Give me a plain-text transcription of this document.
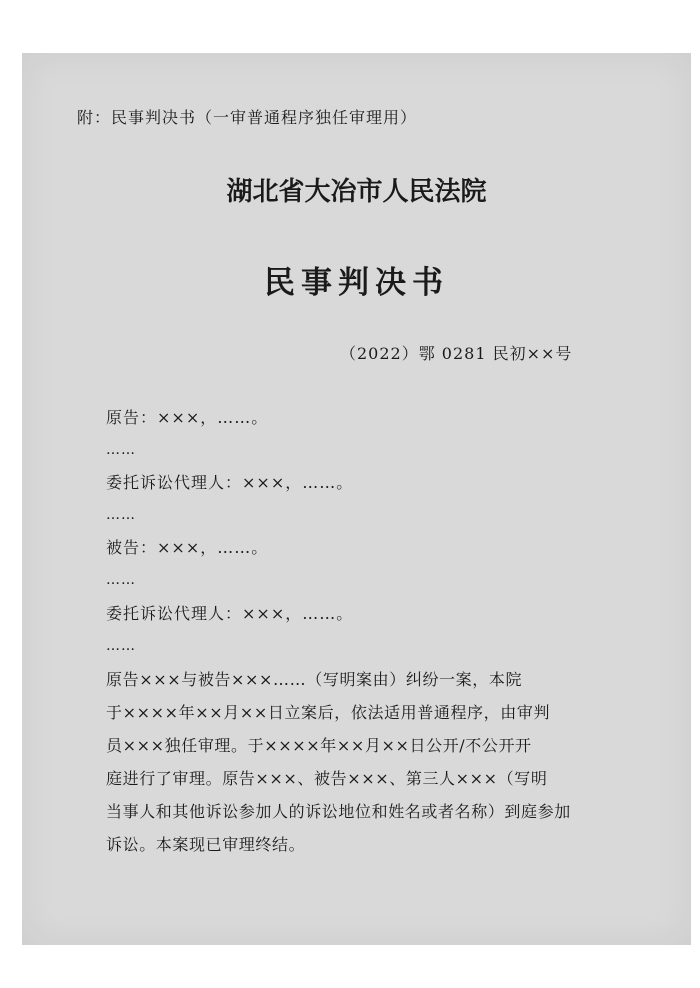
附：民事判决书（一审普通程序独任审理用）
湖北省大冶市人民法院
民事判决书
（2022）鄂 0281 民初××号
原告：×××，……。
……
委托诉讼代理人：×××，……。
……
被告：×××，……。
……
委托诉讼代理人：×××，……。
……
原告×××与被告×××……（写明案由）纠纷一案，本院
于××××年××月××日立案后，依法适用普通程序，由审判
员×××独任审理。于××××年××月××日公开/不公开开
庭进行了审理。原告×××、被告×××、第三人×××（写明
当事人和其他诉讼参加人的诉讼地位和姓名或者名称）到庭参加
诉讼。本案现已审理终结。
